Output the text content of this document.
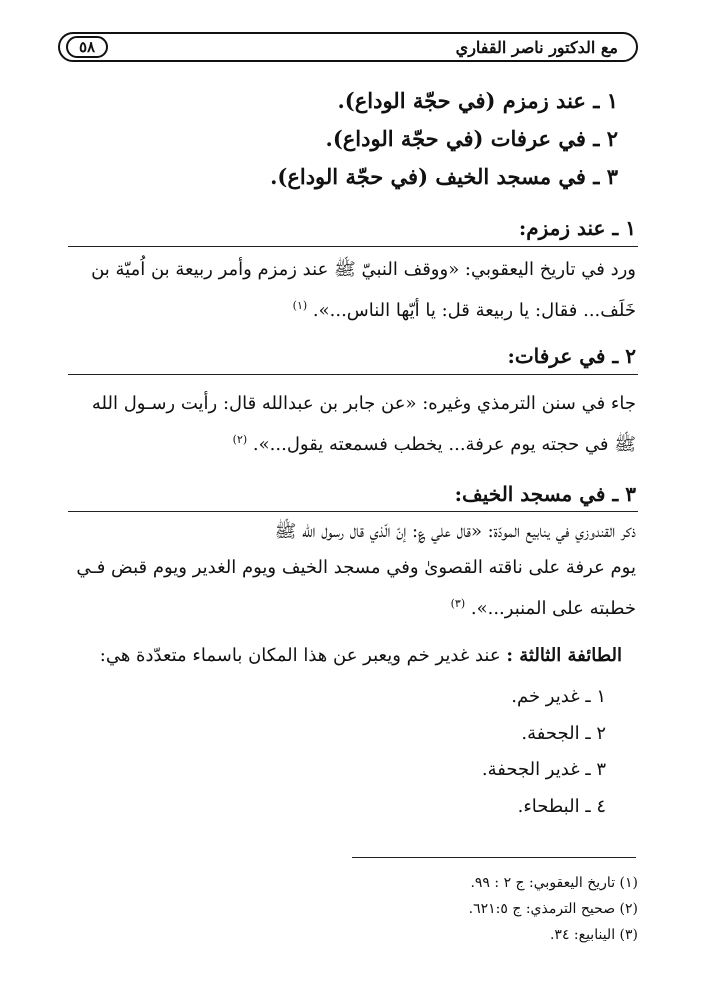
مع الدكتور ناصر القفاري
٥٨
١ ـ عند زمزم (في حجّة الوداع).
٢ ـ في عرفات (في حجّة الوداع).
٣ ـ في مسجد الخيف (في حجّة الوداع).
١ ـ عند زمزم:

ورد في تاريخ اليعقوبي: «ووقف النبيّ ﷺ عند زمزم وأمر ربيعة بن اُميّة بن

خَلَف... فقال: يا ربيعة قل: يا أيّها الناس...». $^{(١)}$

٢ ـ في عرفات:

جاء في سنن الترمذي وغيره: «عن جابر بن عبدالله قال: رأيت رسـول الله

ﷺ في حجته يوم عرفة... يخطب فسمعته يقول...». $^{(٢)}$

٣ ـ في مسجد الخيف:

ذكر القندوزي في ينابيع المودّة: «قال علي ؏: إنّ الّذي قال رسول الله ﷺ

يوم عرفة على ناقته القصوىٰ وفي مسجد الخيف ويوم الغدير ويوم قبض فـي

خطبته على المنبر...». $^{(٣)}$

الطائفة الثالثة : عند غدير خم ويعبر عن هذا المكان باسماء متعدّدة هي:

١ ـ غدير خم.
٢ ـ الجحفة.
٣ ـ غدير الجحفة.
٤ ـ البطحاء.
(١) تاريخ اليعقوبي: ج ٢ : ٩٩.
(٢) صحيح الترمذي: ج ٦٢١:٥.
(٣) الينابيع: ٣٤.
